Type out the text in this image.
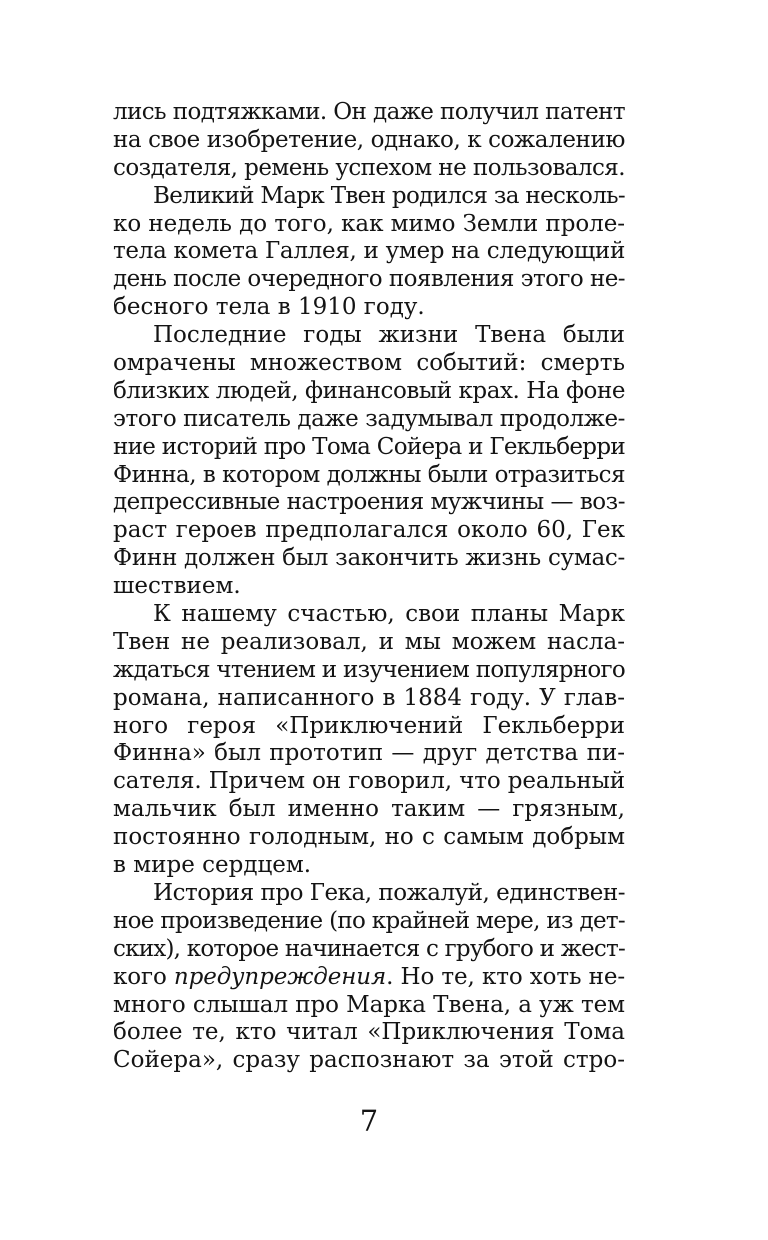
лись подтяжками. Он даже получил патент
на свое изобретение, однако, к сожалению
создателя, ремень успехом не пользовался.
Великий Марк Твен родился за несколь-
ко недель до того, как мимо Земли проле-
тела комета Галлея, и умер на следующий
день после очередного появления этого не-
бесного тела в 1910 году.
Последние годы жизни Твена были
омрачены множеством событий: смерть
близких людей, финансовый крах. На фоне
этого писатель даже задумывал продолже-
ние историй про Тома Сойера и Гекльберри
Финна, в котором должны были отразиться
депрессивные настроения мужчины — воз-
раст героев предполагался около 60, Гек
Финн должен был закончить жизнь сумас-
шествием.
К нашему счастью, свои планы Марк
Твен не реализовал, и мы можем насла-
ждаться чтением и изучением популярного
романа, написанного в 1884 году. У глав-
ного героя «Приключений Гекльберри
Финна» был прототип — друг детства пи-
сателя. Причем он говорил, что реальный
мальчик был именно таким — грязным,
постоянно голодным, но с самым добрым
в мире сердцем.
История про Гека, пожалуй, единствен-
ное произведение (по крайней мере, из дет-
ских), которое начинается с грубого и жест-
кого предупреждения. Но те, кто хоть не-
много слышал про Марка Твена, а уж тем
более те, кто читал «Приключения Тома
Сойера», сразу распознают за этой стро-
7
